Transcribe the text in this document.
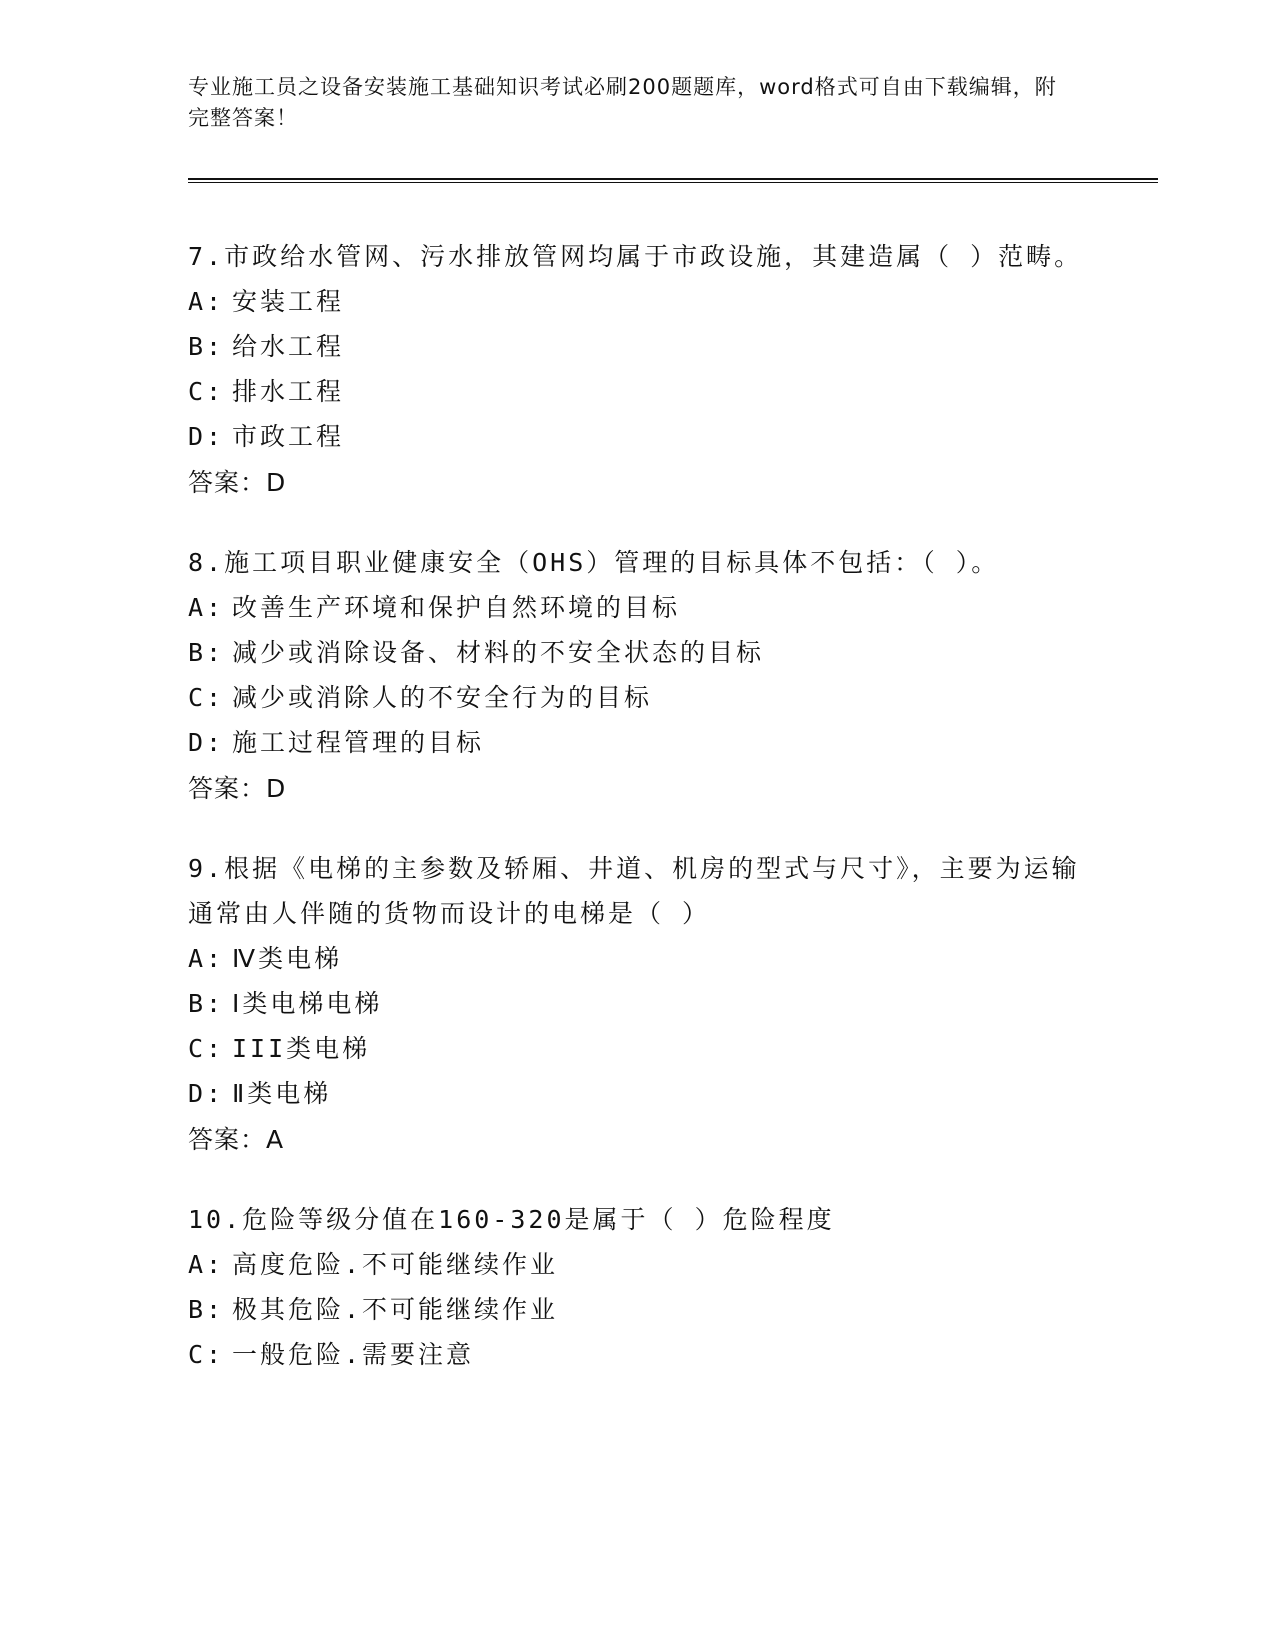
专业施工员之设备安装施工基础知识考试必刷200题题库，word格式可自由下载编辑，附完整答案！
7.市政给水管网、污水排放管网均属于市政设施，其建造属（ ）范畴。
A: 安装工程
B: 给水工程
C: 排水工程
D: 市政工程
答案：D
8.施工项目职业健康安全（OHS）管理的目标具体不包括：（ ）。
A: 改善生产环境和保护自然环境的目标
B: 减少或消除设备、材料的不安全状态的目标
C: 减少或消除人的不安全行为的目标
D: 施工过程管理的目标
答案：D
9.根据《电梯的主参数及轿厢、井道、机房的型式与尺寸》，主要为运输通常由人伴随的货物而设计的电梯是（ ）
A: Ⅳ类电梯
B: Ⅰ类电梯电梯
C: III类电梯
D: Ⅱ类电梯
答案：A
10.危险等级分值在160-320是属于（ ）危险程度
A: 高度危险.不可能继续作业
B: 极其危险.不可能继续作业
C: 一般危险.需要注意
